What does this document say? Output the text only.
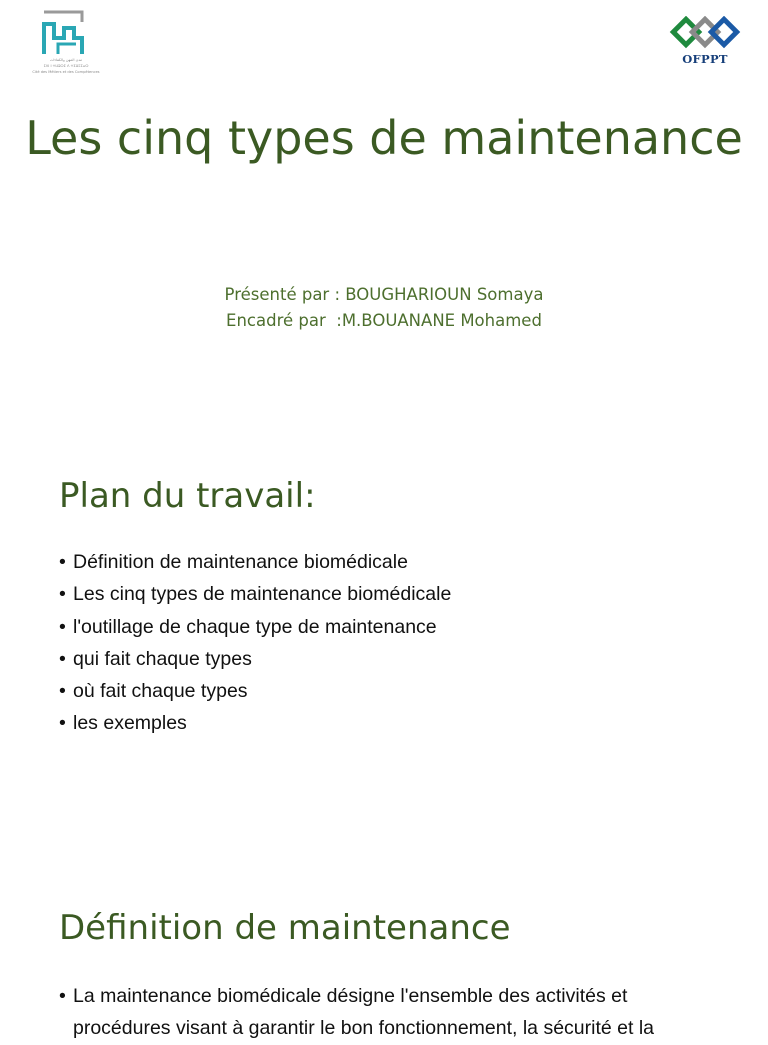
مدن المهن والكفاءات
ⵎⴷⵏ ⵏ ⵜⵡⵓⵔⵉ ⴷ ⵜⵉⵣⵎⵎⴰⵔ
Cité des Métiers et des Compétences
OFPPT
Les cinq types de maintenance

Présenté par : BOUGHARIOUN Somaya
Encadré par  :M.BOUANANE Mohamed

Plan du travail:
• Définition de maintenance biomédicale
• Les cinq types de maintenance biomédicale
• l'outillage de chaque type de maintenance
• qui fait chaque types
• où fait chaque types
• les exemples
Définition de maintenance
• La maintenance biomédicale désigne l'ensemble des activités et procédures visant à garantir le bon fonctionnement, la sécurité et la
